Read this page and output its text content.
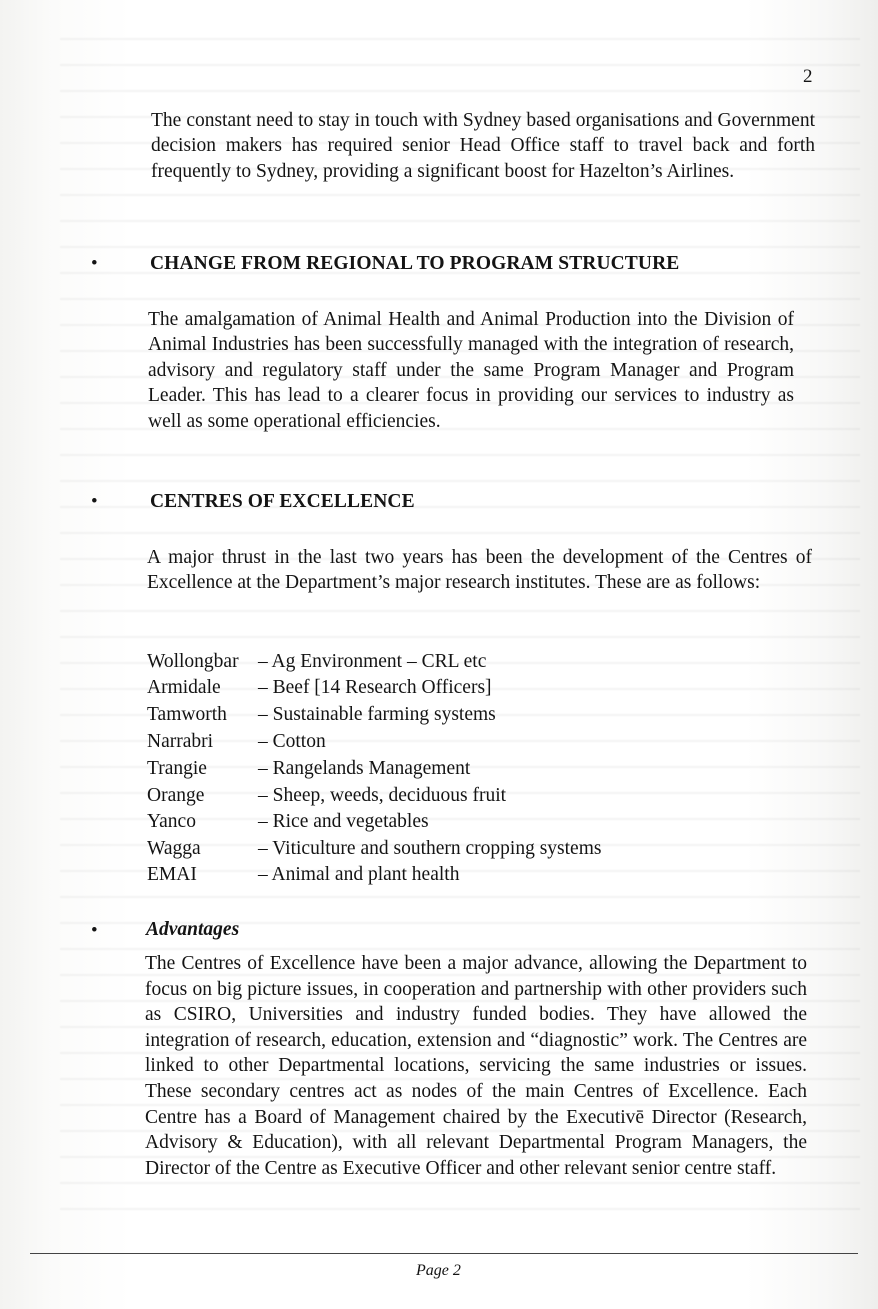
2

The constant need to stay in touch with Sydney based organisations and Government decision makers has required senior Head Office staff to travel back and forth frequently to Sydney, providing a significant boost for Hazelton’s Airlines.

•	CHANGE FROM REGIONAL TO PROGRAM STRUCTURE

The amalgamation of Animal Health and Animal Production into the Division of Animal Industries has been successfully managed with the integration of research, advisory and regulatory staff under the same Program Manager and Program Leader. This has lead to a clearer focus in providing our services to industry as well as some operational efficiencies.

•	CENTRES OF EXCELLENCE

A major thrust in the last two years has been the development of the Centres of Excellence at the Department’s major research institutes. These are as follows:

Wollongbar – Ag Environment – CRL etc
Armidale – Beef [14 Research Officers]
Tamworth – Sustainable farming systems
Narrabri – Cotton
Trangie	– Rangelands Management
Orange	– Sheep, weeds, deciduous fruit
Yanco	– Rice and vegetables
Wagga	– Viticulture and southern cropping systems
EMAI	– Animal and plant health
• Advantages

The Centres of Excellence have been a major advance, allowing the Department to focus on big picture issues, in cooperation and partnership with other providers such as CSIRO, Universities and industry funded bodies. They have allowed the integration of research, education, extension and “diagnostic” work. The Centres are linked to other Departmental locations, servicing the same industries or issues. These secondary centres act as nodes of the main Centres of Excellence. Each Centre has a Board of Management chaired by the Executivē Director (Research, Advisory & Education), with all relevant Departmental Program Managers, the Director of the Centre as Executive Officer and other relevant senior centre staff.

Page 2
